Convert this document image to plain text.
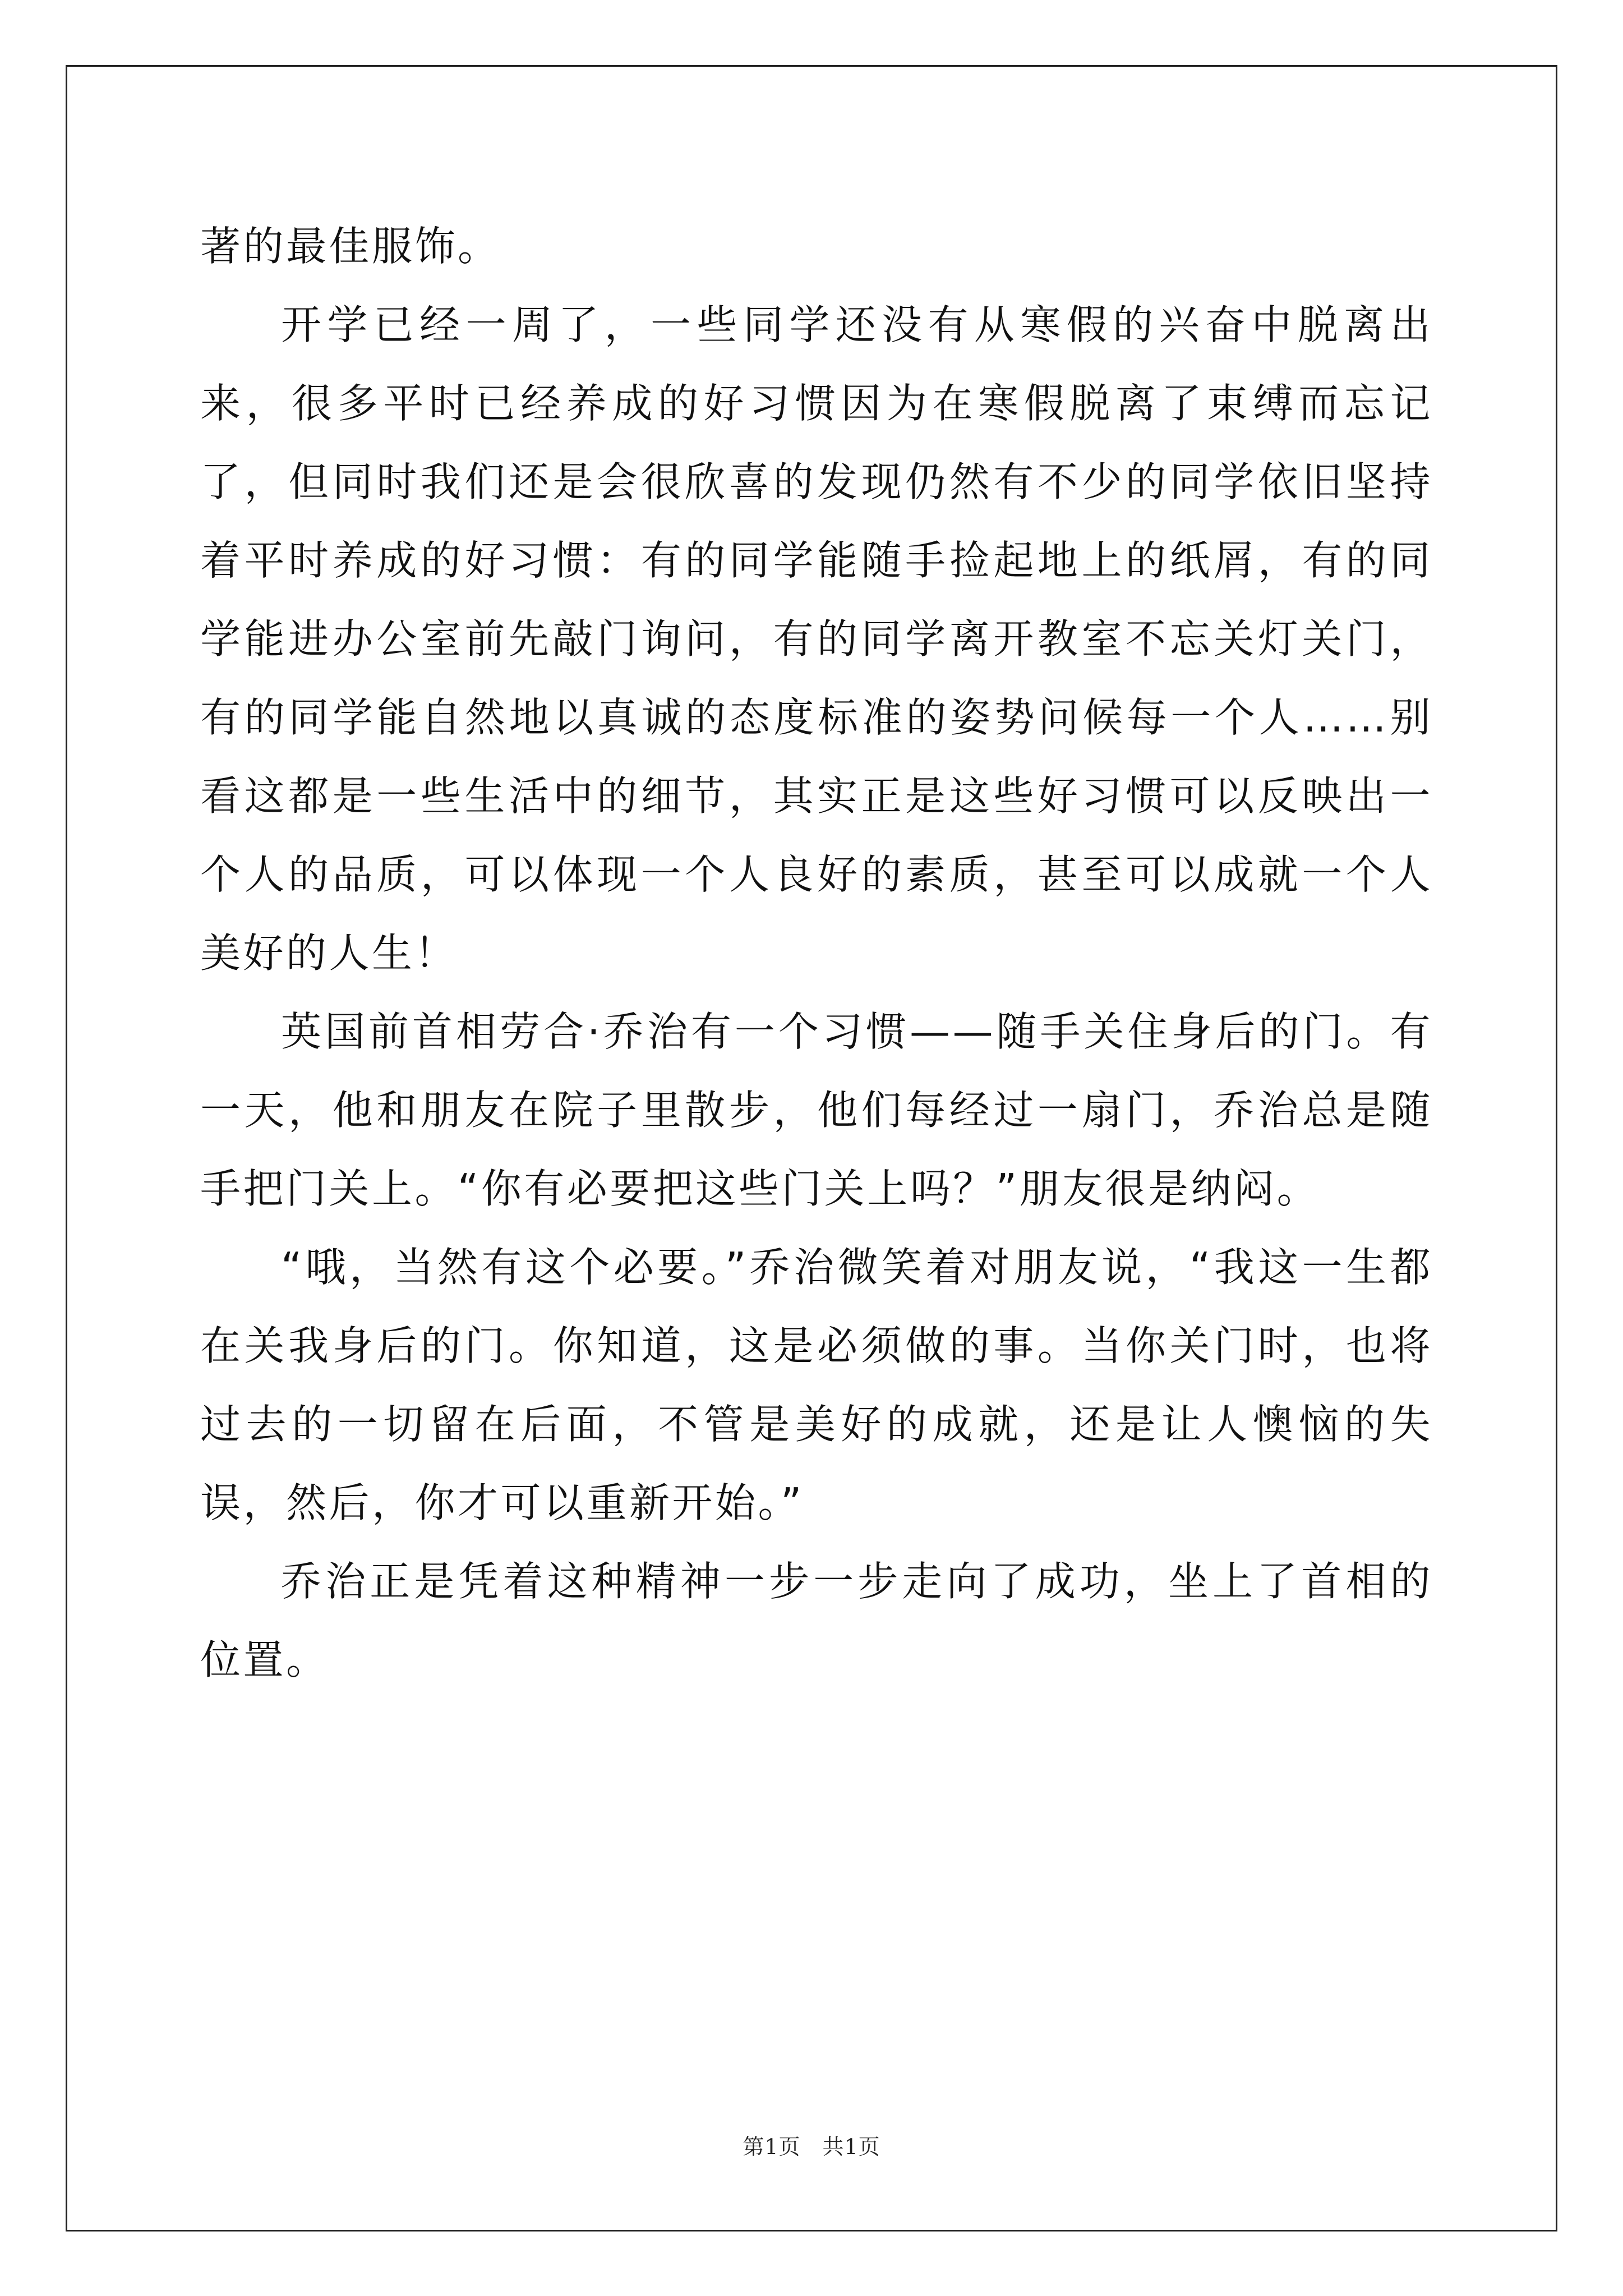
著的最佳服饰。

开学已经一周了，一些同学还没有从寒假的兴奋中脱离出来，很多平时已经养成的好习惯因为在寒假脱离了束缚而忘记了，但同时我们还是会很欣喜的发现仍然有不少的同学依旧坚持着平时养成的好习惯：有的同学能随手捡起地上的纸屑，有的同学能进办公室前先敲门询问，有的同学离开教室不忘关灯关门，有的同学能自然地以真诚的态度标准的姿势问候每一个人……别看这都是一些生活中的细节，其实正是这些好习惯可以反映出一个人的品质，可以体现一个人良好的素质，甚至可以成就一个人美好的人生！

英国前首相劳合·乔治有一个习惯——随手关住身后的门。有一天，他和朋友在院子里散步，他们每经过一扇门，乔治总是随手把门关上。“你有必要把这些门关上吗？”朋友很是纳闷。

“哦，当然有这个必要。”乔治微笑着对朋友说，“我这一生都在关我身后的门。你知道，这是必须做的事。当你关门时，也将过去的一切留在后面，不管是美好的成就，还是让人懊恼的失误，然后，你才可以重新开始。”

乔治正是凭着这种精神一步一步走向了成功，坐上了首相的位置。

第1页　共1页
